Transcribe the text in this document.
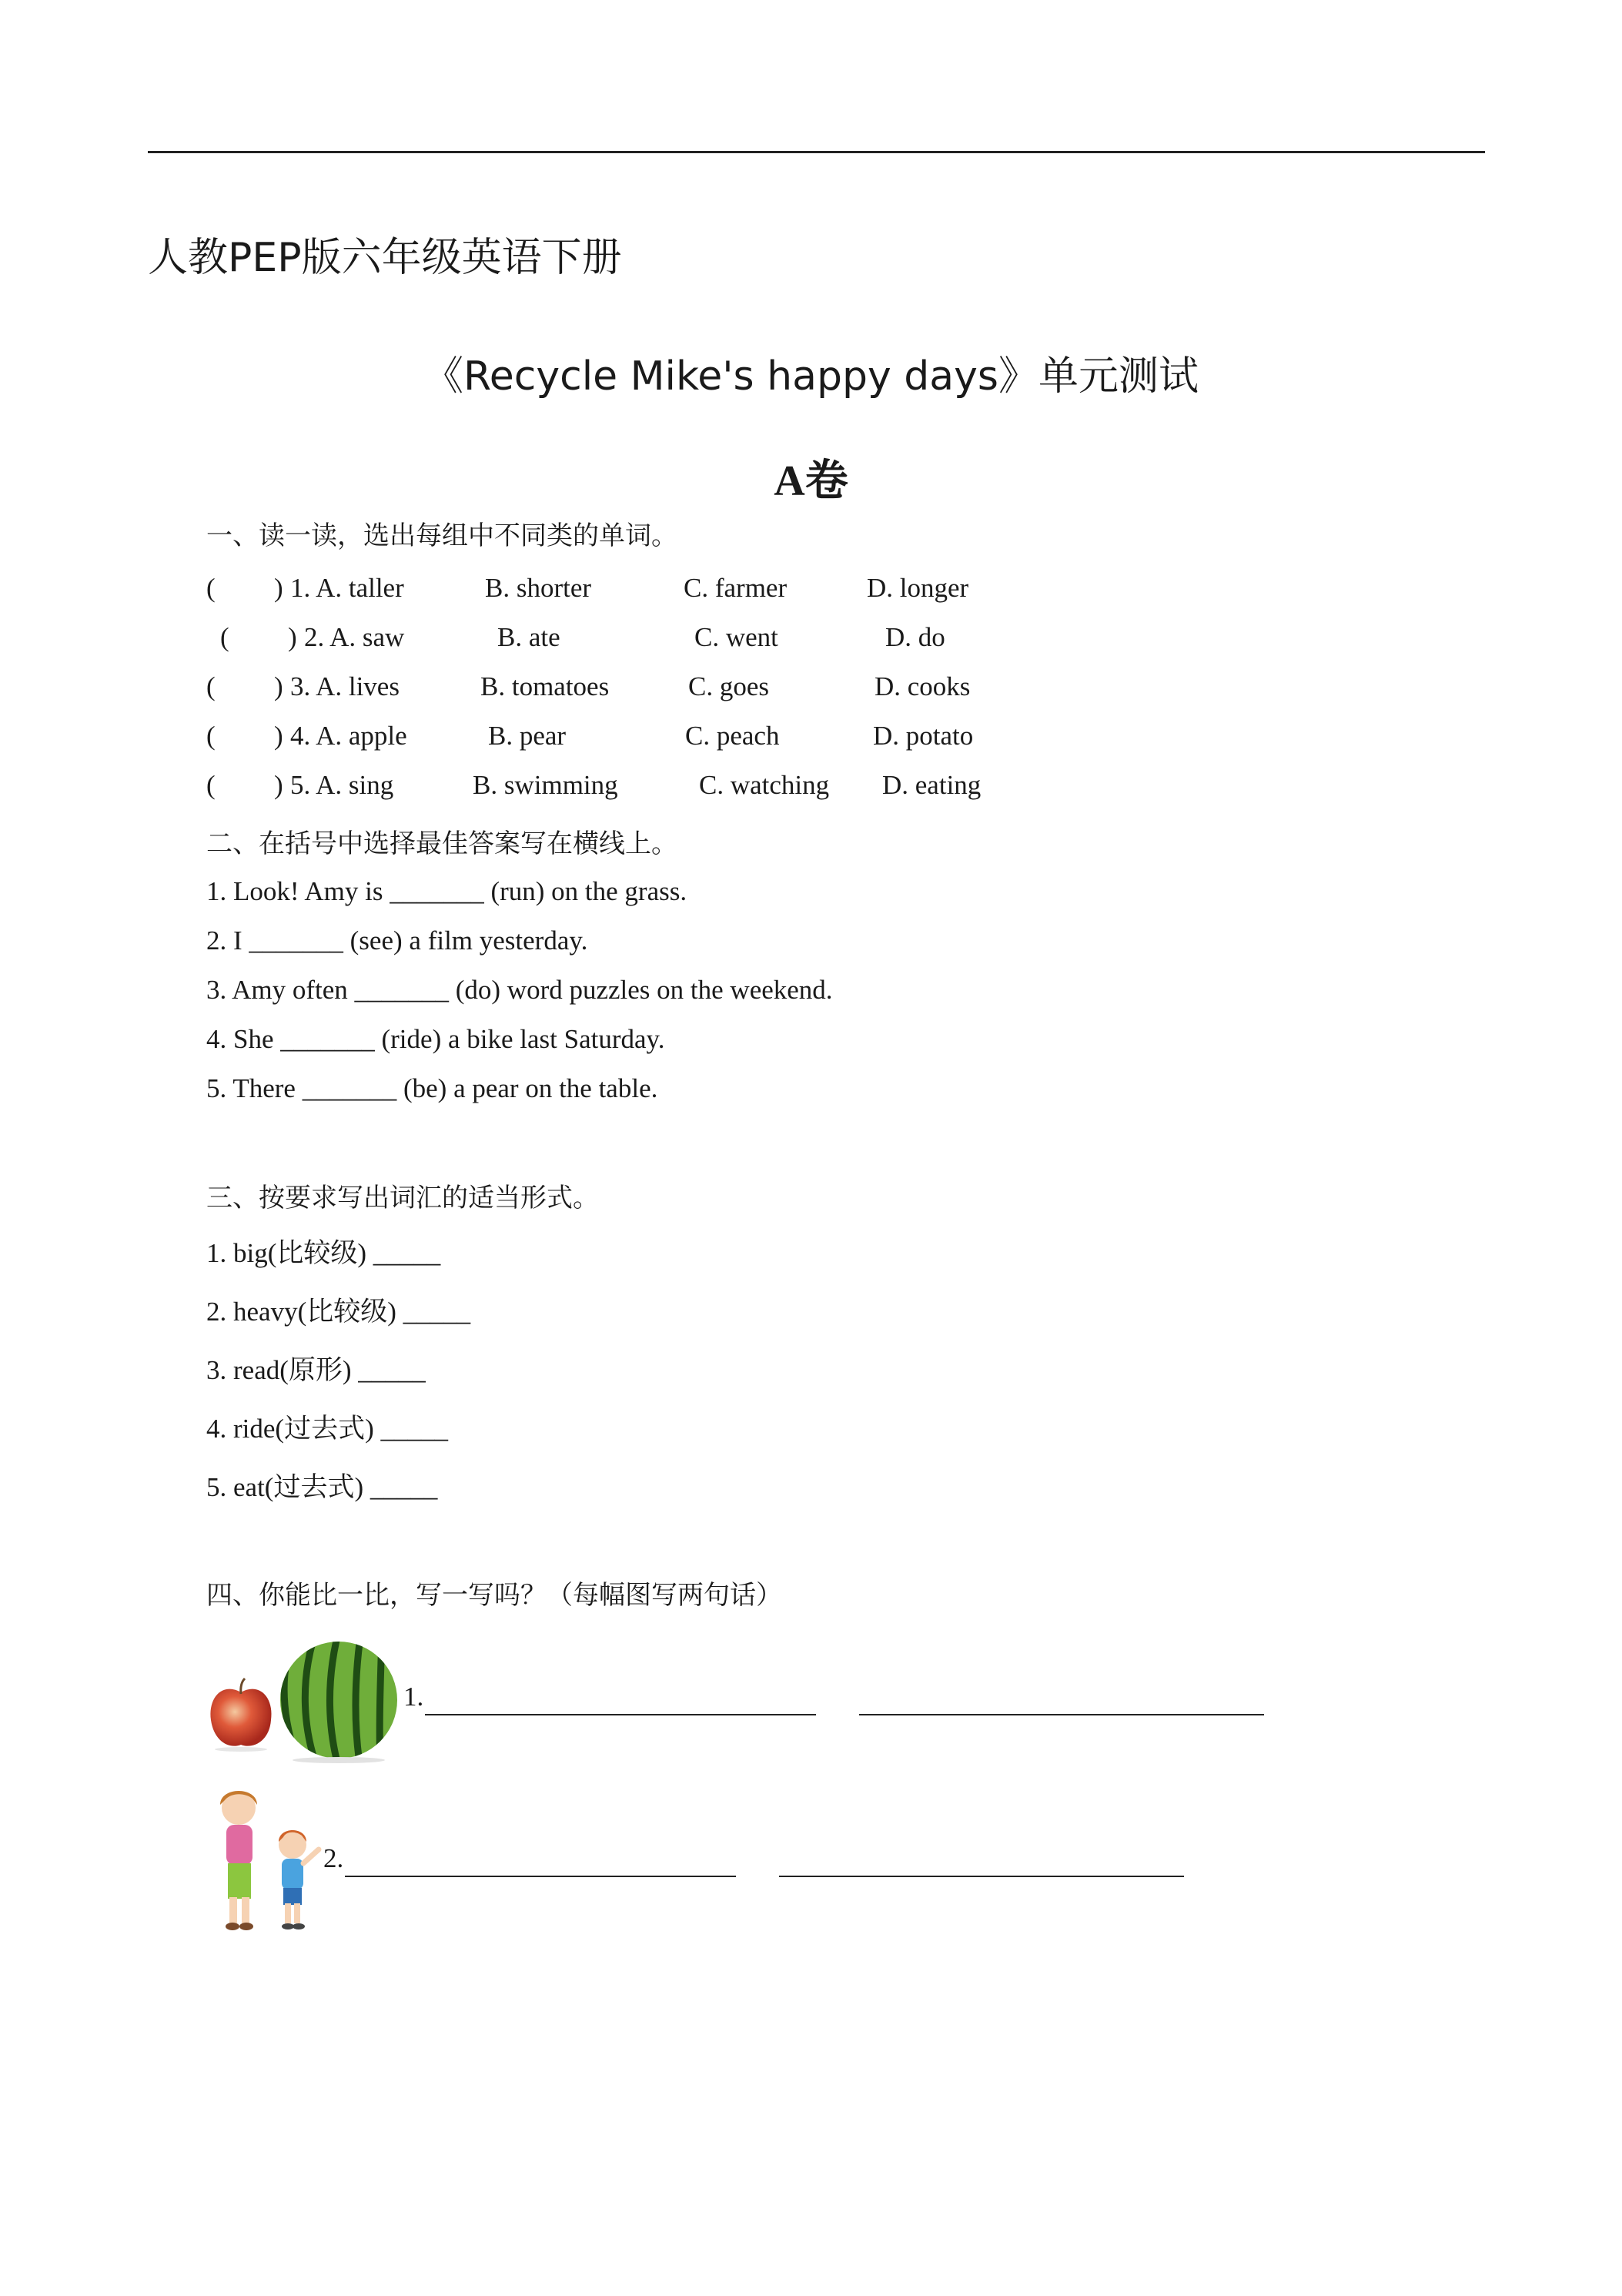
人教PEP版六年级英语下册
《Recycle Mike's happy days》单元测试
A卷
一、读一读，选出每组中不同类的单词。
( ) 1. A. taller	B. shorter	C. farmer	D. longer
( ) 2. A. saw	B. ate	C. went	D. do
( ) 3. A. lives	B. tomatoes	C. goes	D. cooks
( ) 4. A. apple	B. pear	C. peach	D. potato
( ) 5. A. sing	B. swimming	C. watching D. eating
二、在括号中选择最佳答案写在横线上。
1. Look! Amy is _______ (run) on the grass.
2. I _______ (see) a film yesterday.
3. Amy often _______ (do) word puzzles on the weekend.
4. She _______ (ride) a bike last Saturday.
5. There _______ (be) a pear on the table.
三、按要求写出词汇的适当形式。
1. big(比较级) _____
2. heavy(比较级) _____
3. read(原形) _____
4. ride(过去式) _____
5. eat(过去式) _____
四、你能比一比，写一写吗？（每幅图写两句话）
1.
2.
